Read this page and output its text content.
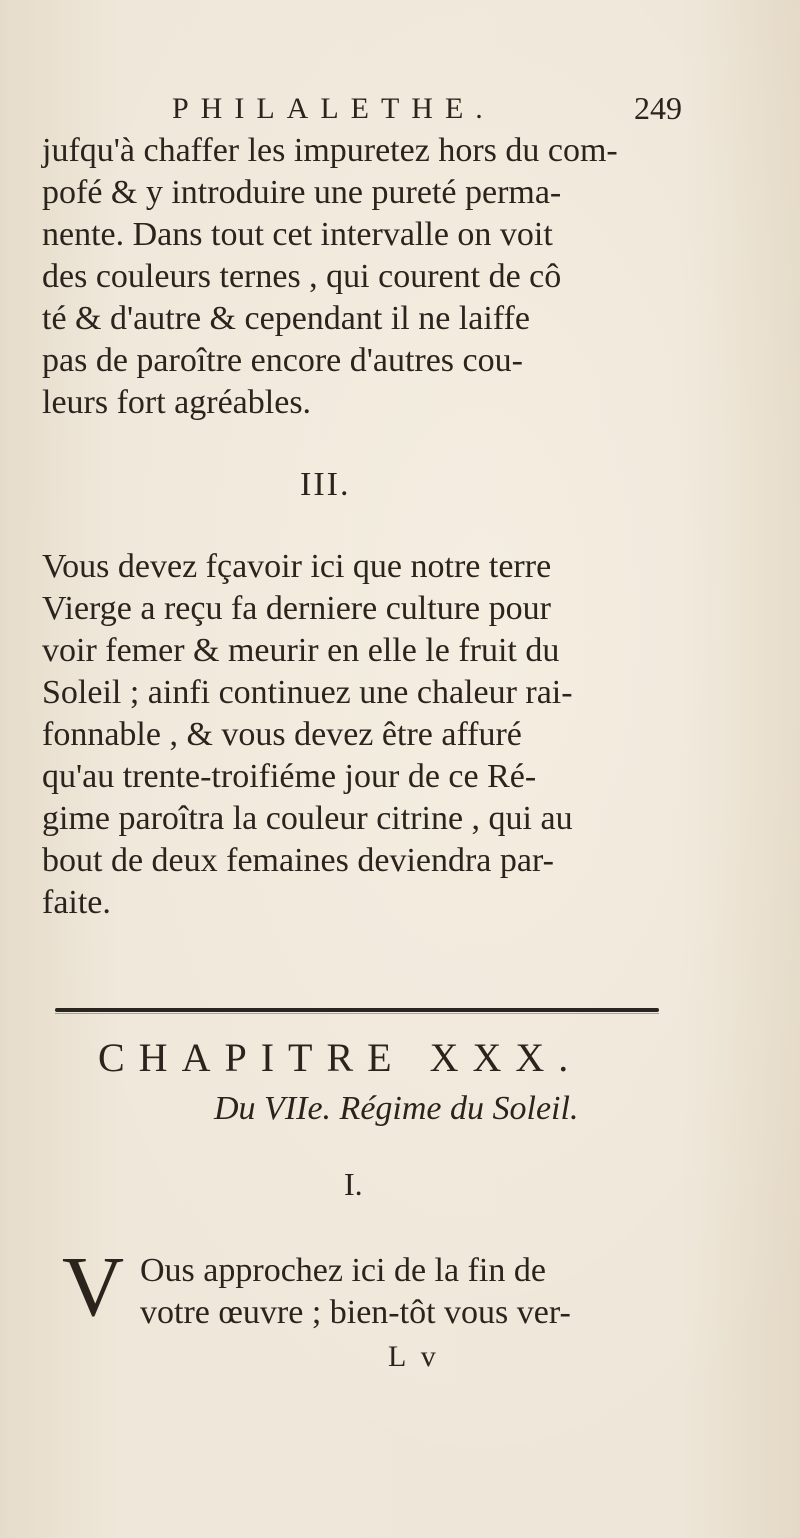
PHILALETHE.	249
jufqu'à chaffer les impuretez hors du com-
pofé & y introduire une pureté perma-
nente. Dans tout cet intervalle on voit
des couleurs ternes , qui courent de cô
té & d'autre & cependant il ne laiffe
pas de paroître encore d'autres cou-
leurs fort agréables.
III.
Vous devez fçavoir ici que notre terre
Vierge a reçu fa derniere culture pour
voir femer & meurir en elle le fruit du
Soleil ; ainfi continuez une chaleur rai-
fonnable , & vous devez être affuré
qu'au trente-troifiéme jour de ce Ré-
gime paroîtra la couleur citrine , qui au
bout de deux femaines deviendra par-
faite.
CHAPITRE XXX.
Du VIIe. Régime du Soleil.
I.
V Ous approchez ici de la fin de
votre œuvre ; bien-tôt vous ver-
L v
